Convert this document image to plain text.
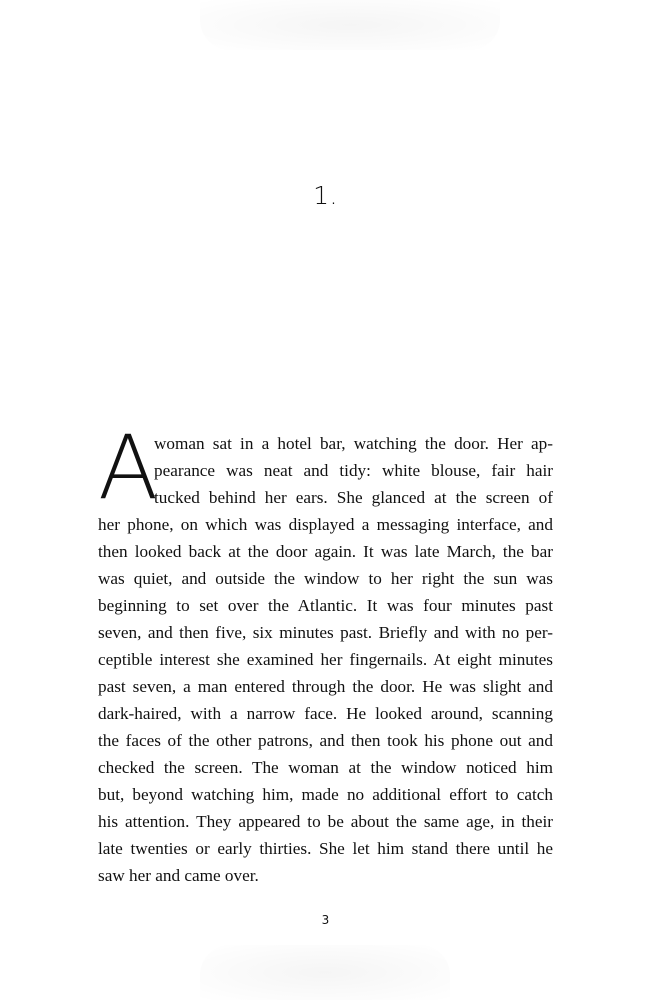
1.
A
woman sat in a hotel bar, watching the door. Her ap-
pearance was neat and tidy: white blouse, fair hair
tucked behind her ears. She glanced at the screen of
her phone, on which was displayed a messaging interface, and
then looked back at the door again. It was late March, the bar
was quiet, and outside the window to her right the sun was
beginning to set over the Atlantic. It was four minutes past
seven, and then five, six minutes past. Briefly and with no per-
ceptible interest she examined her fingernails. At eight minutes
past seven, a man entered through the door. He was slight and
dark-haired, with a narrow face. He looked around, scanning
the faces of the other patrons, and then took his phone out and
checked the screen. The woman at the window noticed him
but, beyond watching him, made no additional effort to catch
his attention. They appeared to be about the same age, in their
late twenties or early thirties. She let him stand there until he
saw her and came over.
3
